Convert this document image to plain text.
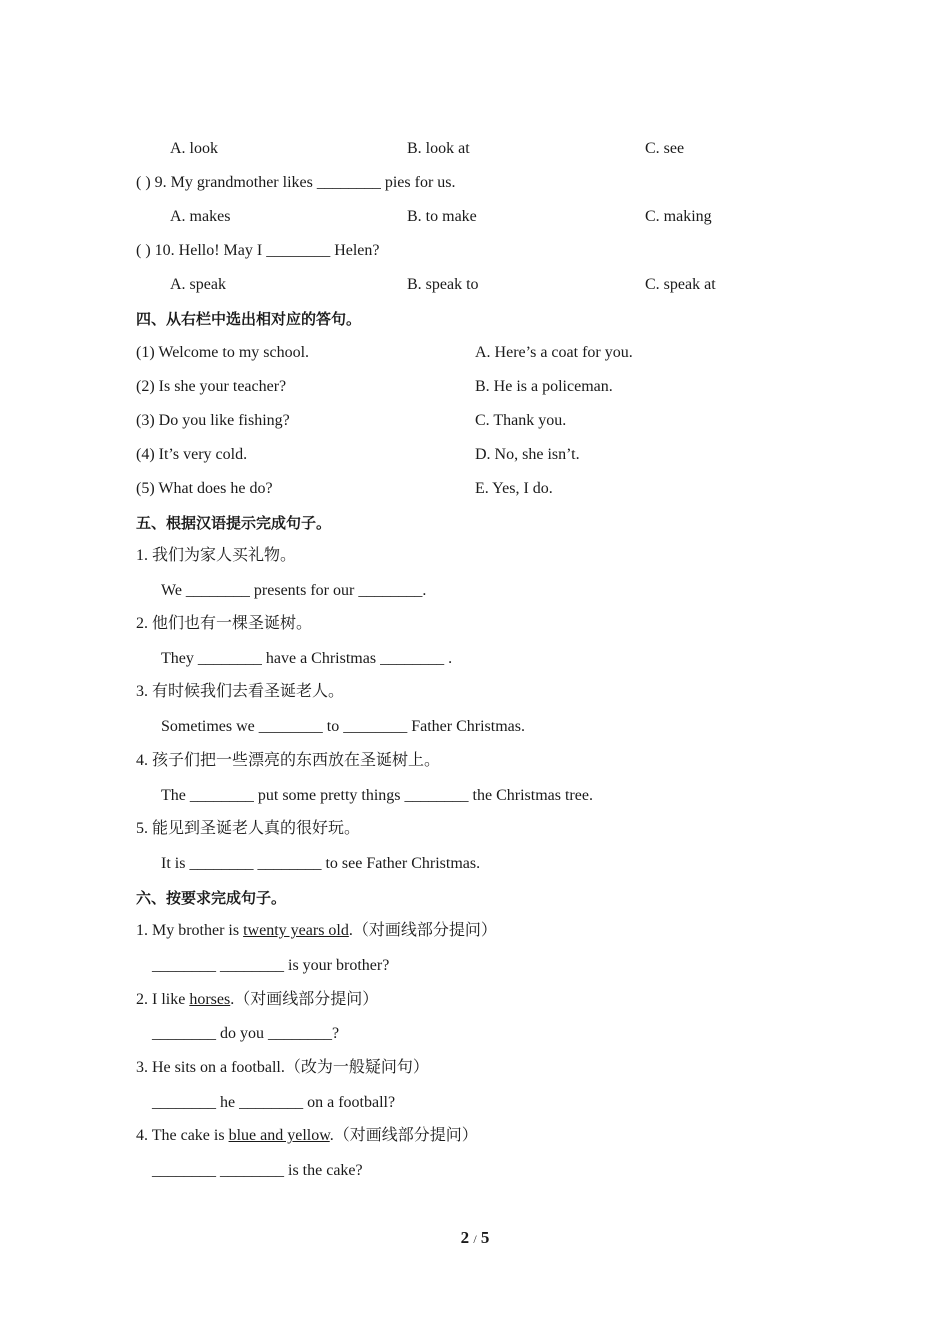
A. look	B. look at	C. see
( ) 9. My grandmother likes ________ pies for us.
A. makes	B. to make	C. making
( ) 10. Hello! May I ________ Helen?
A. speak	B. speak to	C. speak at
四、从右栏中选出相对应的答句。
(1) Welcome to my school.	A. Here’s a coat for you.
(2) Is she your teacher?	B. He is a policeman.
(3) Do you like fishing?	C. Thank you.
(4) It’s very cold.	D. No, she isn’t.
(5) What does he do?	E. Yes, I do.
五、根据汉语提示完成句子。
1. 我们为家人买礼物。
We ________ presents for our ________.
2. 他们也有一棵圣诞树。
They ________ have a Christmas ________ .
3. 有时候我们去看圣诞老人。
Sometimes we ________ to ________ Father Christmas.
4. 孩子们把一些漂亮的东西放在圣诞树上。
The ________ put some pretty things ________ the Christmas tree.
5. 能见到圣诞老人真的很好玩。
It is ________ ________ to see Father Christmas.
六、按要求完成句子。
1. My brother is twenty years old.（对画线部分提问）
________ ________ is your brother?
2. I like horses.（对画线部分提问）
________ do you ________?
3. He sits on a football.（改为一般疑问句）
________ he ________ on a football?
4. The cake is blue and yellow.（对画线部分提问）
________ ________ is the cake?
2 / 5
